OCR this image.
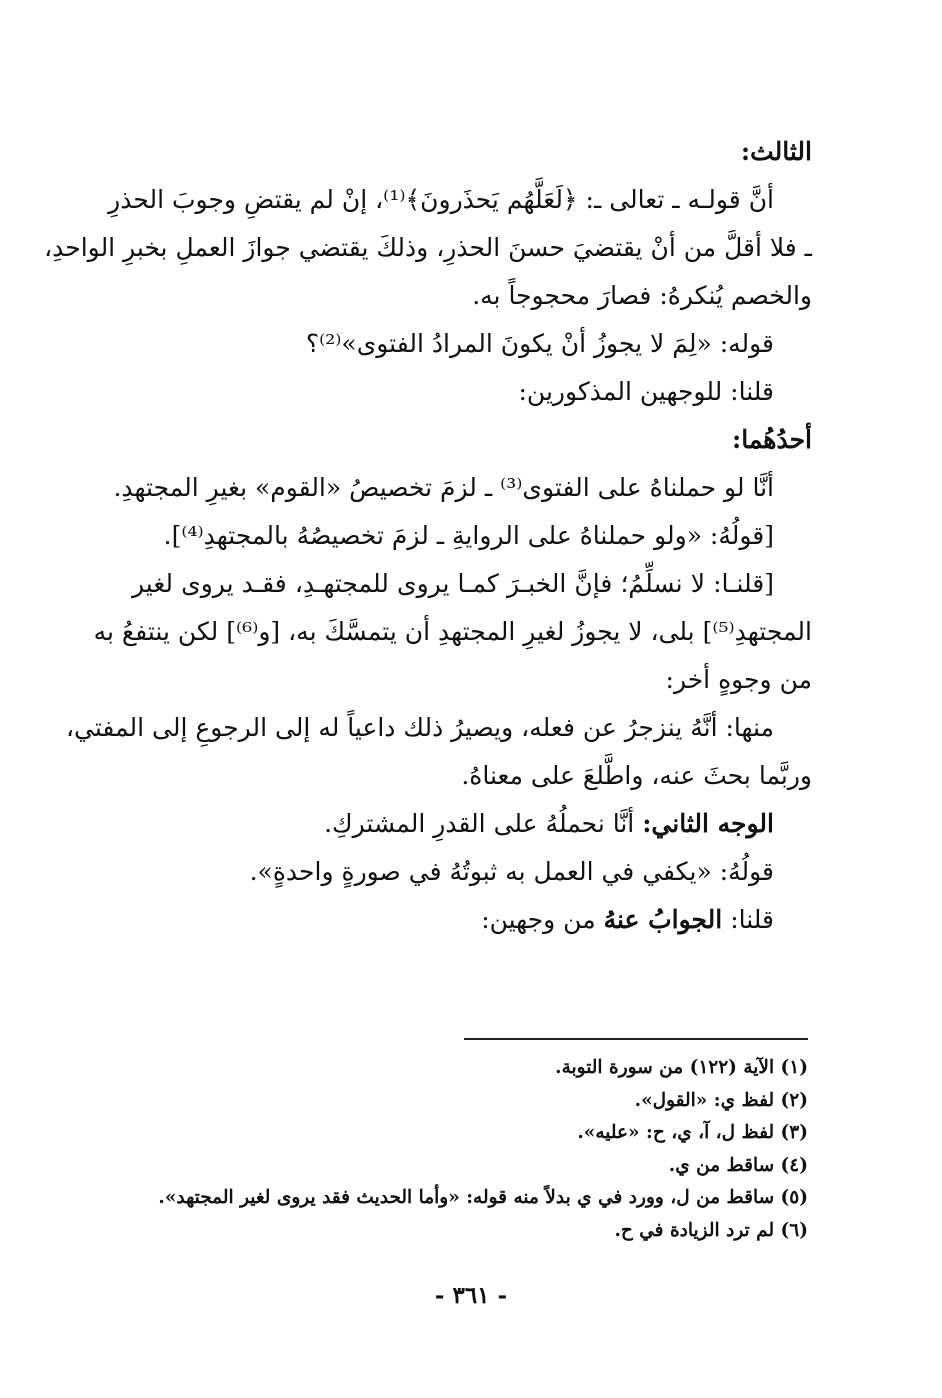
الثالث:
أنَّ قولـه ـ تعالى ـ: ﴿لَعَلَّهُم يَحذَرونَ﴾⁽¹⁾، إنْ لم يقتضِ وجوبَ الحذرِ
ـ فلا أقلَّ من أنْ يقتضيَ حسنَ الحذرِ، وذلكَ يقتضي جوازَ العملِ بخبرِ الواحدِ،
والخصم يُنكرهُ: فصارَ محجوجاً به.
قوله: «لِمَ لا يجوزُ أنْ يكونَ المرادُ الفتوى»⁽²⁾؟
قلنا: للوجهين المذكورين:
أحدُهُما:
أنَّا لو حملناهُ على الفتوى⁽³⁾ ـ لزمَ تخصيصُ «القوم» بغيرِ المجتهدِ.
[قولُهُ: «ولو حملناهُ على الروايةِ ـ لزمَ تخصيصُهُ بالمجتهدِ⁽⁴⁾].
[قلنـا: لا نسلِّمُ؛ فإنَّ الخبـرَ كمـا يروى للمجتهـدِ، فقـد يروى لغير
المجتهدِ⁽⁵⁾] بلى، لا يجوزُ لغيرِ المجتهدِ أن يتمسَّكَ به، [و⁽⁶⁾] لكن ينتفعُ به
من وجوهٍ أخر:
منها: أنَّهُ ينزجرُ عن فعله، ويصيرُ ذلك داعياً له إلى الرجوعِ إلى المفتي،
وربَّما بحثَ عنه، واطَّلعَ على معناهُ.
الوجه الثاني: أنَّا نحملُهُ على القدرِ المشتركِ.
قولُهُ: «يكفي في العمل به ثبوتُهُ في صورةٍ واحدةٍ».
قلنا: الجوابُ عنهُ من وجهين:
(١) الآية (١٢٢) من سورة التوبة.
(٢) لفظ ي: «القول».
(٣) لفظ ل، آ، ي، ح: «عليه».
(٤) ساقط من ي.
(٥) ساقط من ل، وورد في ي بدلاً منه قوله: «وأما الحديث فقد يروى لغير المجتهد».
(٦) لم ترد الزيادة في ح.
- ٣٦١ -
